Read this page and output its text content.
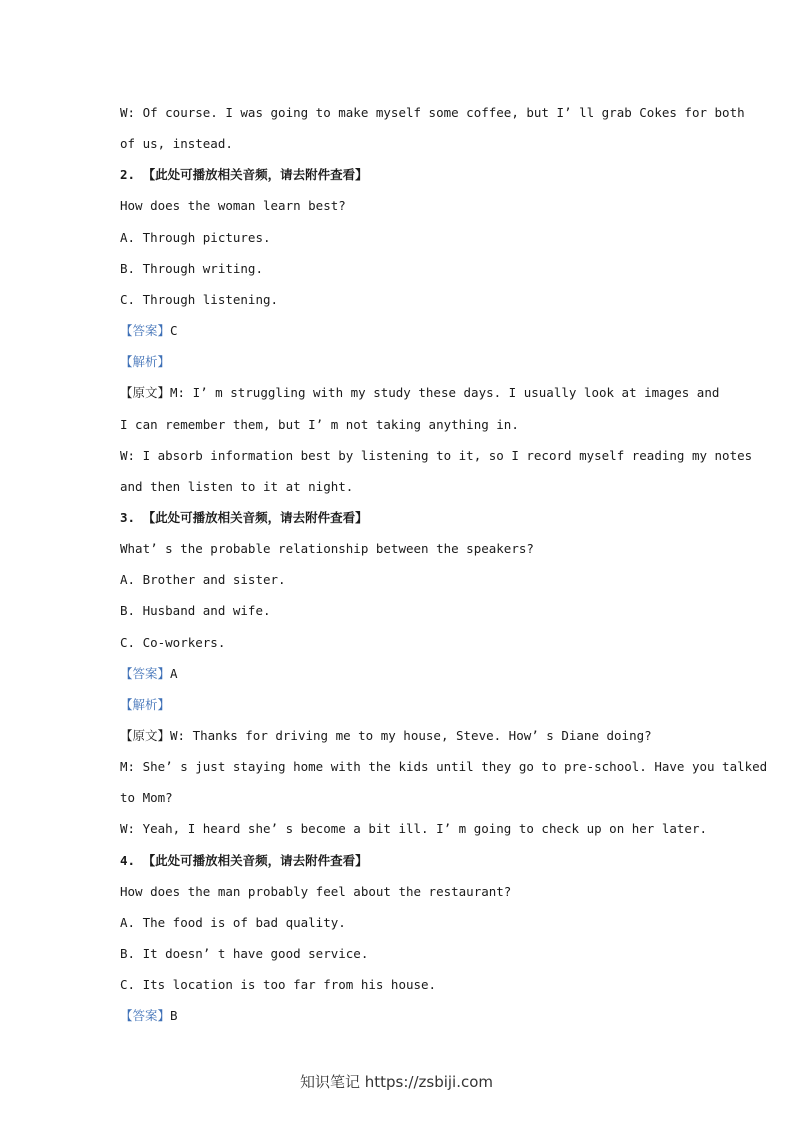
W: Of course. I was going to make myself some coffee, but I’ ll grab Cokes for both
of us, instead.
2. 【此处可播放相关音频，请去附件查看】
How does the woman learn best?
A. Through pictures.
B. Through writing.
C. Through listening.
【答案】C
【解析】
【原文】M: I’ m struggling with my study these days. I usually look at images and
I can remember them, but I’ m not taking anything in.
W: I absorb information best by listening to it, so I record myself reading my notes
and then listen to it at night.
3. 【此处可播放相关音频，请去附件查看】
What’ s the probable relationship between the speakers?
A. Brother and sister.
B. Husband and wife.
C. Co-workers.
【答案】A
【解析】
【原文】W: Thanks for driving me to my house, Steve. How’ s Diane doing?
M: She’ s just staying home with the kids until they go to pre-school. Have you talked
to Mom?
W: Yeah, I heard she’ s become a bit ill. I’ m going to check up on her later.
4. 【此处可播放相关音频，请去附件查看】
How does the man probably feel about the restaurant?
A. The food is of bad quality.
B. It doesn’ t have good service.
C. Its location is too far from his house.
【答案】B
知识笔记 https://zsbiji.com
